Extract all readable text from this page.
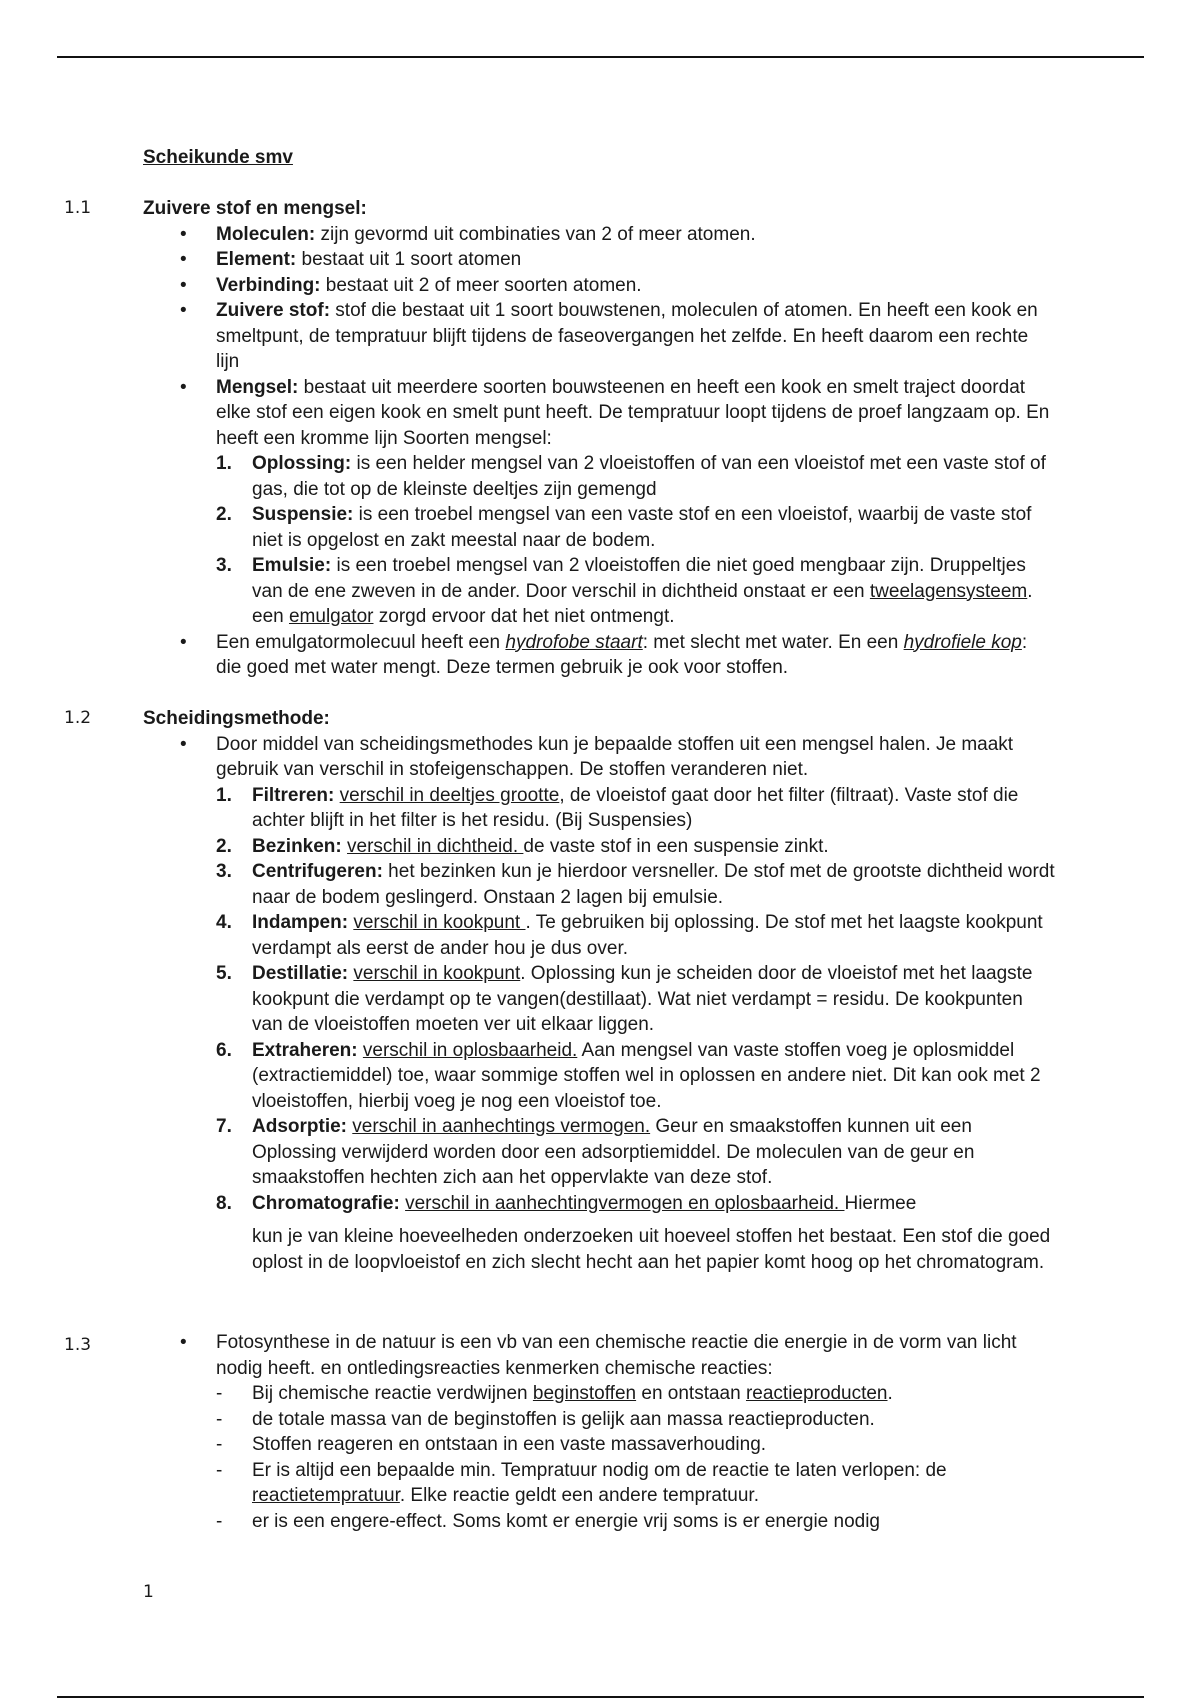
Scheikunde smv
1.1	Zuivere stof en mengsel:
• Moleculen: zijn gevormd uit combinaties van 2 of meer atomen.
• Element: bestaat uit 1 soort atomen
• Verbinding: bestaat uit 2 of meer soorten atomen.
• Zuivere stof: stof die bestaat uit 1 soort bouwstenen, moleculen of atomen. En heeft een kook en smeltpunt, de tempratuur blijft tijdens de faseovergangen het zelfde. En heeft daarom een rechte lijn
• Mengsel: bestaat uit meerdere soorten bouwsteenen en heeft een kook en smelt traject doordat elke stof een eigen kook en smelt punt heeft. De tempratuur loopt tijdens de proef langzaam op. En heeft een kromme lijn Soorten mengsel:
1. Oplossing: is een helder mengsel van 2 vloeistoffen of van een vloeistof met een vaste stof of gas, die tot op de kleinste deeltjes zijn gemengd
2. Suspensie: is een troebel mengsel van een vaste stof en een vloeistof, waarbij de vaste stof niet is opgelost en zakt meestal naar de bodem.
3. Emulsie: is een troebel mengsel van 2 vloeistoffen die niet goed mengbaar zijn. Druppeltjes van de ene zweven in de ander. Door verschil in dichtheid onstaat er een tweelagensysteem. een emulgator zorgd ervoor dat het niet ontmengt.
• Een emulgatormolecuul heeft een hydrofobe staart: met slecht met water. En een hydrofiele kop: die goed met water mengt. Deze termen gebruik je ook voor stoffen.
1.2	Scheidingsmethode:
• Door middel van scheidingsmethodes kun je bepaalde stoffen uit een mengsel halen. Je maakt gebruik van verschil in stofeigenschappen. De stoffen veranderen niet.
1. Filtreren: verschil in deeltjes grootte, de vloeistof gaat door het filter (filtraat). Vaste stof die achter blijft in het filter is het residu. (Bij Suspensies)
2. Bezinken: verschil in dichtheid. de vaste stof in een suspensie zinkt.
3. Centrifugeren: het bezinken kun je hierdoor versneller. De stof met de grootste dichtheid wordt naar de bodem geslingerd. Onstaan 2 lagen bij emulsie.
4. Indampen: verschil in kookpunt . Te gebruiken bij oplossing. De stof met het laagste kookpunt verdampt als eerst de ander hou je dus over.
5. Destillatie: verschil in kookpunt. Oplossing kun je scheiden door de vloeistof met het laagste kookpunt die verdampt op te vangen(destillaat). Wat niet verdampt = residu. De kookpunten van de vloeistoffen moeten ver uit elkaar liggen.
6. Extraheren: verschil in oplosbaarheid. Aan mengsel van vaste stoffen voeg je oplosmiddel (extractiemiddel) toe, waar sommige stoffen wel in oplossen en andere niet. Dit kan ook met 2 vloeistoffen, hierbij voeg je nog een vloeistof toe.
7. Adsorptie: verschil in aanhechtings vermogen. Geur en smaakstoffen kunnen uit een Oplossing verwijderd worden door een adsorptiemiddel. De moleculen van de geur en smaakstoffen hechten zich aan het oppervlakte van deze stof.
8. Chromatografie: verschil in aanhechtingvermogen en oplosbaarheid. Hiermee
kun je van kleine hoeveelheden onderzoeken uit hoeveel stoffen het bestaat. Een stof die goed oplost in de loopvloeistof en zich slecht hecht aan het papier komt hoog op het chromatogram.
1.3	• Fotosynthese in de natuur is een vb van een chemische reactie die energie in de vorm van licht nodig heeft. en ontledingsreacties kenmerken chemische reacties:
- Bij chemische reactie verdwijnen beginstoffen en ontstaan reactieproducten.
- de totale massa van de beginstoffen is gelijk aan massa reactieproducten.
- Stoffen reageren en ontstaan in een vaste massaverhouding.
- Er is altijd een bepaalde min. Tempratuur nodig om de reactie te laten verlopen: de reactietempratuur. Elke reactie geldt een andere tempratuur.
- er is een engere-effect. Soms komt er energie vrij soms is er energie nodig
1
